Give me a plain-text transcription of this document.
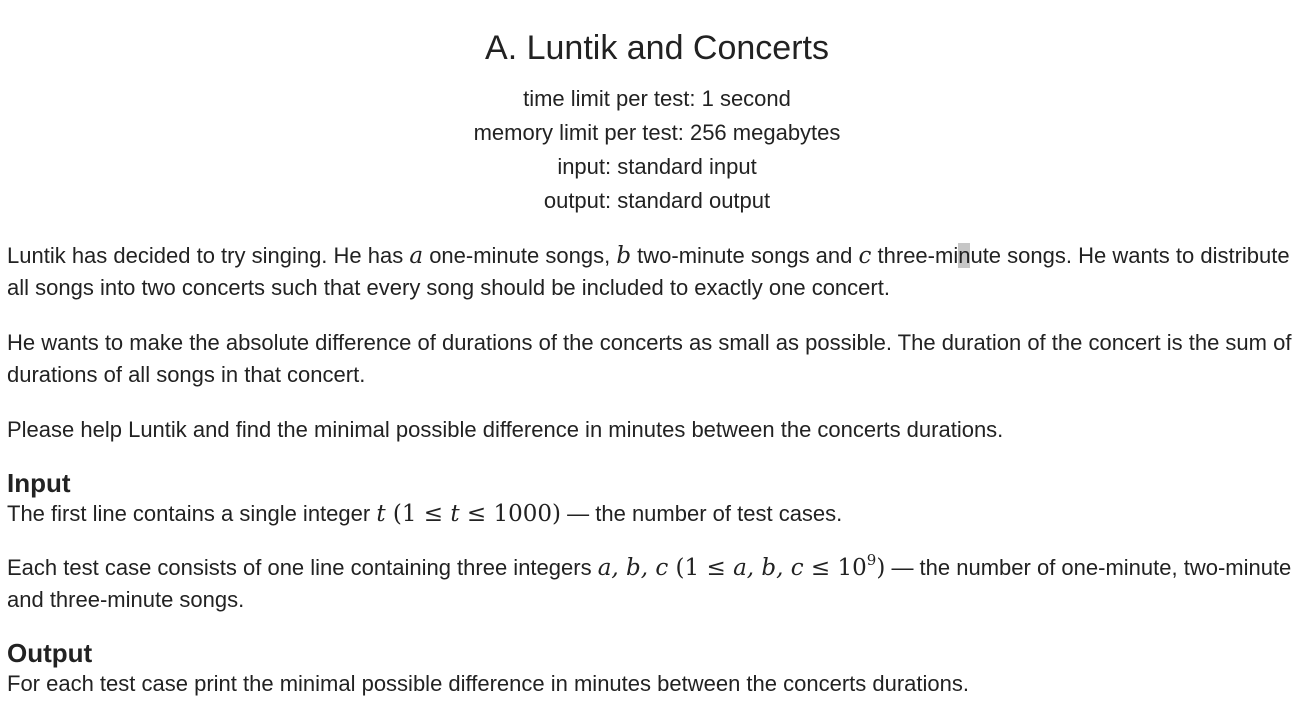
A. Luntik and Concerts
time limit per test: 1 second
memory limit per test: 256 megabytes
input: standard input
output: standard output

Luntik has decided to try singing. He has a one-minute songs, b two-minute songs and c three-minute songs. He wants to distribute all songs into two concerts such that every song should be included to exactly one concert.

He wants to make the absolute difference of durations of the concerts as small as possible. The duration of the concert is the sum of durations of all songs in that concert.

Please help Luntik and find the minimal possible difference in minutes between the concerts durations.

Input

The first line contains a single integer t (1 ≤ t ≤ 1000) — the number of test cases.

Each test case consists of one line containing three integers a, b, c (1 ≤ a, b, $c \le 10^9$) — the number of one-minute, two-minute and three-minute songs.

Output

For each test case print the minimal possible difference in minutes between the concerts durations.
